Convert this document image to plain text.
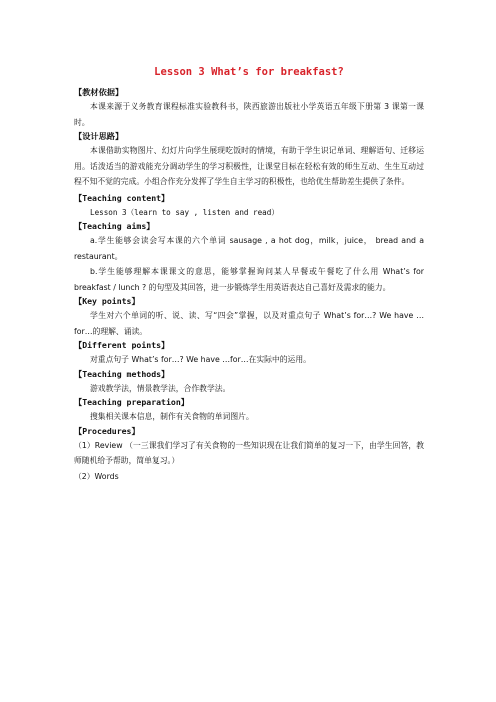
Lesson 3 What’s for breakfast?
【教材依据】

本课来源于义务教育课程标准实验教科书，陕西旅游出版社小学英语五年级下册第 3 课第一课时。

【设计思路】

本课借助实物图片、幻灯片向学生展现吃饭时的情境，有助于学生识记单词、理解语句、迁移运用。话泼适当的游戏能充分调动学生的学习积极性，让课堂目标在轻松有效的师生互动、生生互动过程不知不觉的完成。小组合作充分发挥了学生自主学习的积极性，也给优生帮助差生提供了条件。

【Teaching content】

Lesson 3（learn to say , listen and read）

【Teaching aims】

a.学生能够会读会写本课的六个单词 sausage , a hot dog，milk，juice， bread and a restaurant。

b.学生能够理解本课课文的意思，能够掌握询问某人早餐或午餐吃了什么用 What’s for breakfast / lunch ? 的句型及其回答，进一步锻炼学生用英语表达自己喜好及需求的能力。

【Key points】

学生对六个单词的听、说、读、写“四会”掌握，以及对重点句子 What’s for…? We have …for…的理解、诵读。

【Different points】

对重点句子 What’s for…? We have …for…在实际中的运用。

【Teaching methods】

游戏教学法，情景教学法，合作教学法。

【Teaching preparation】

搜集相关课本信息，制作有关食物的单词图片。

【Procedures】

（1）Review （一三课我们学习了有关食物的一些知识现在让我们简单的复习一下，由学生回答，教师随机给予帮助，简单复习。）

（2）Words
